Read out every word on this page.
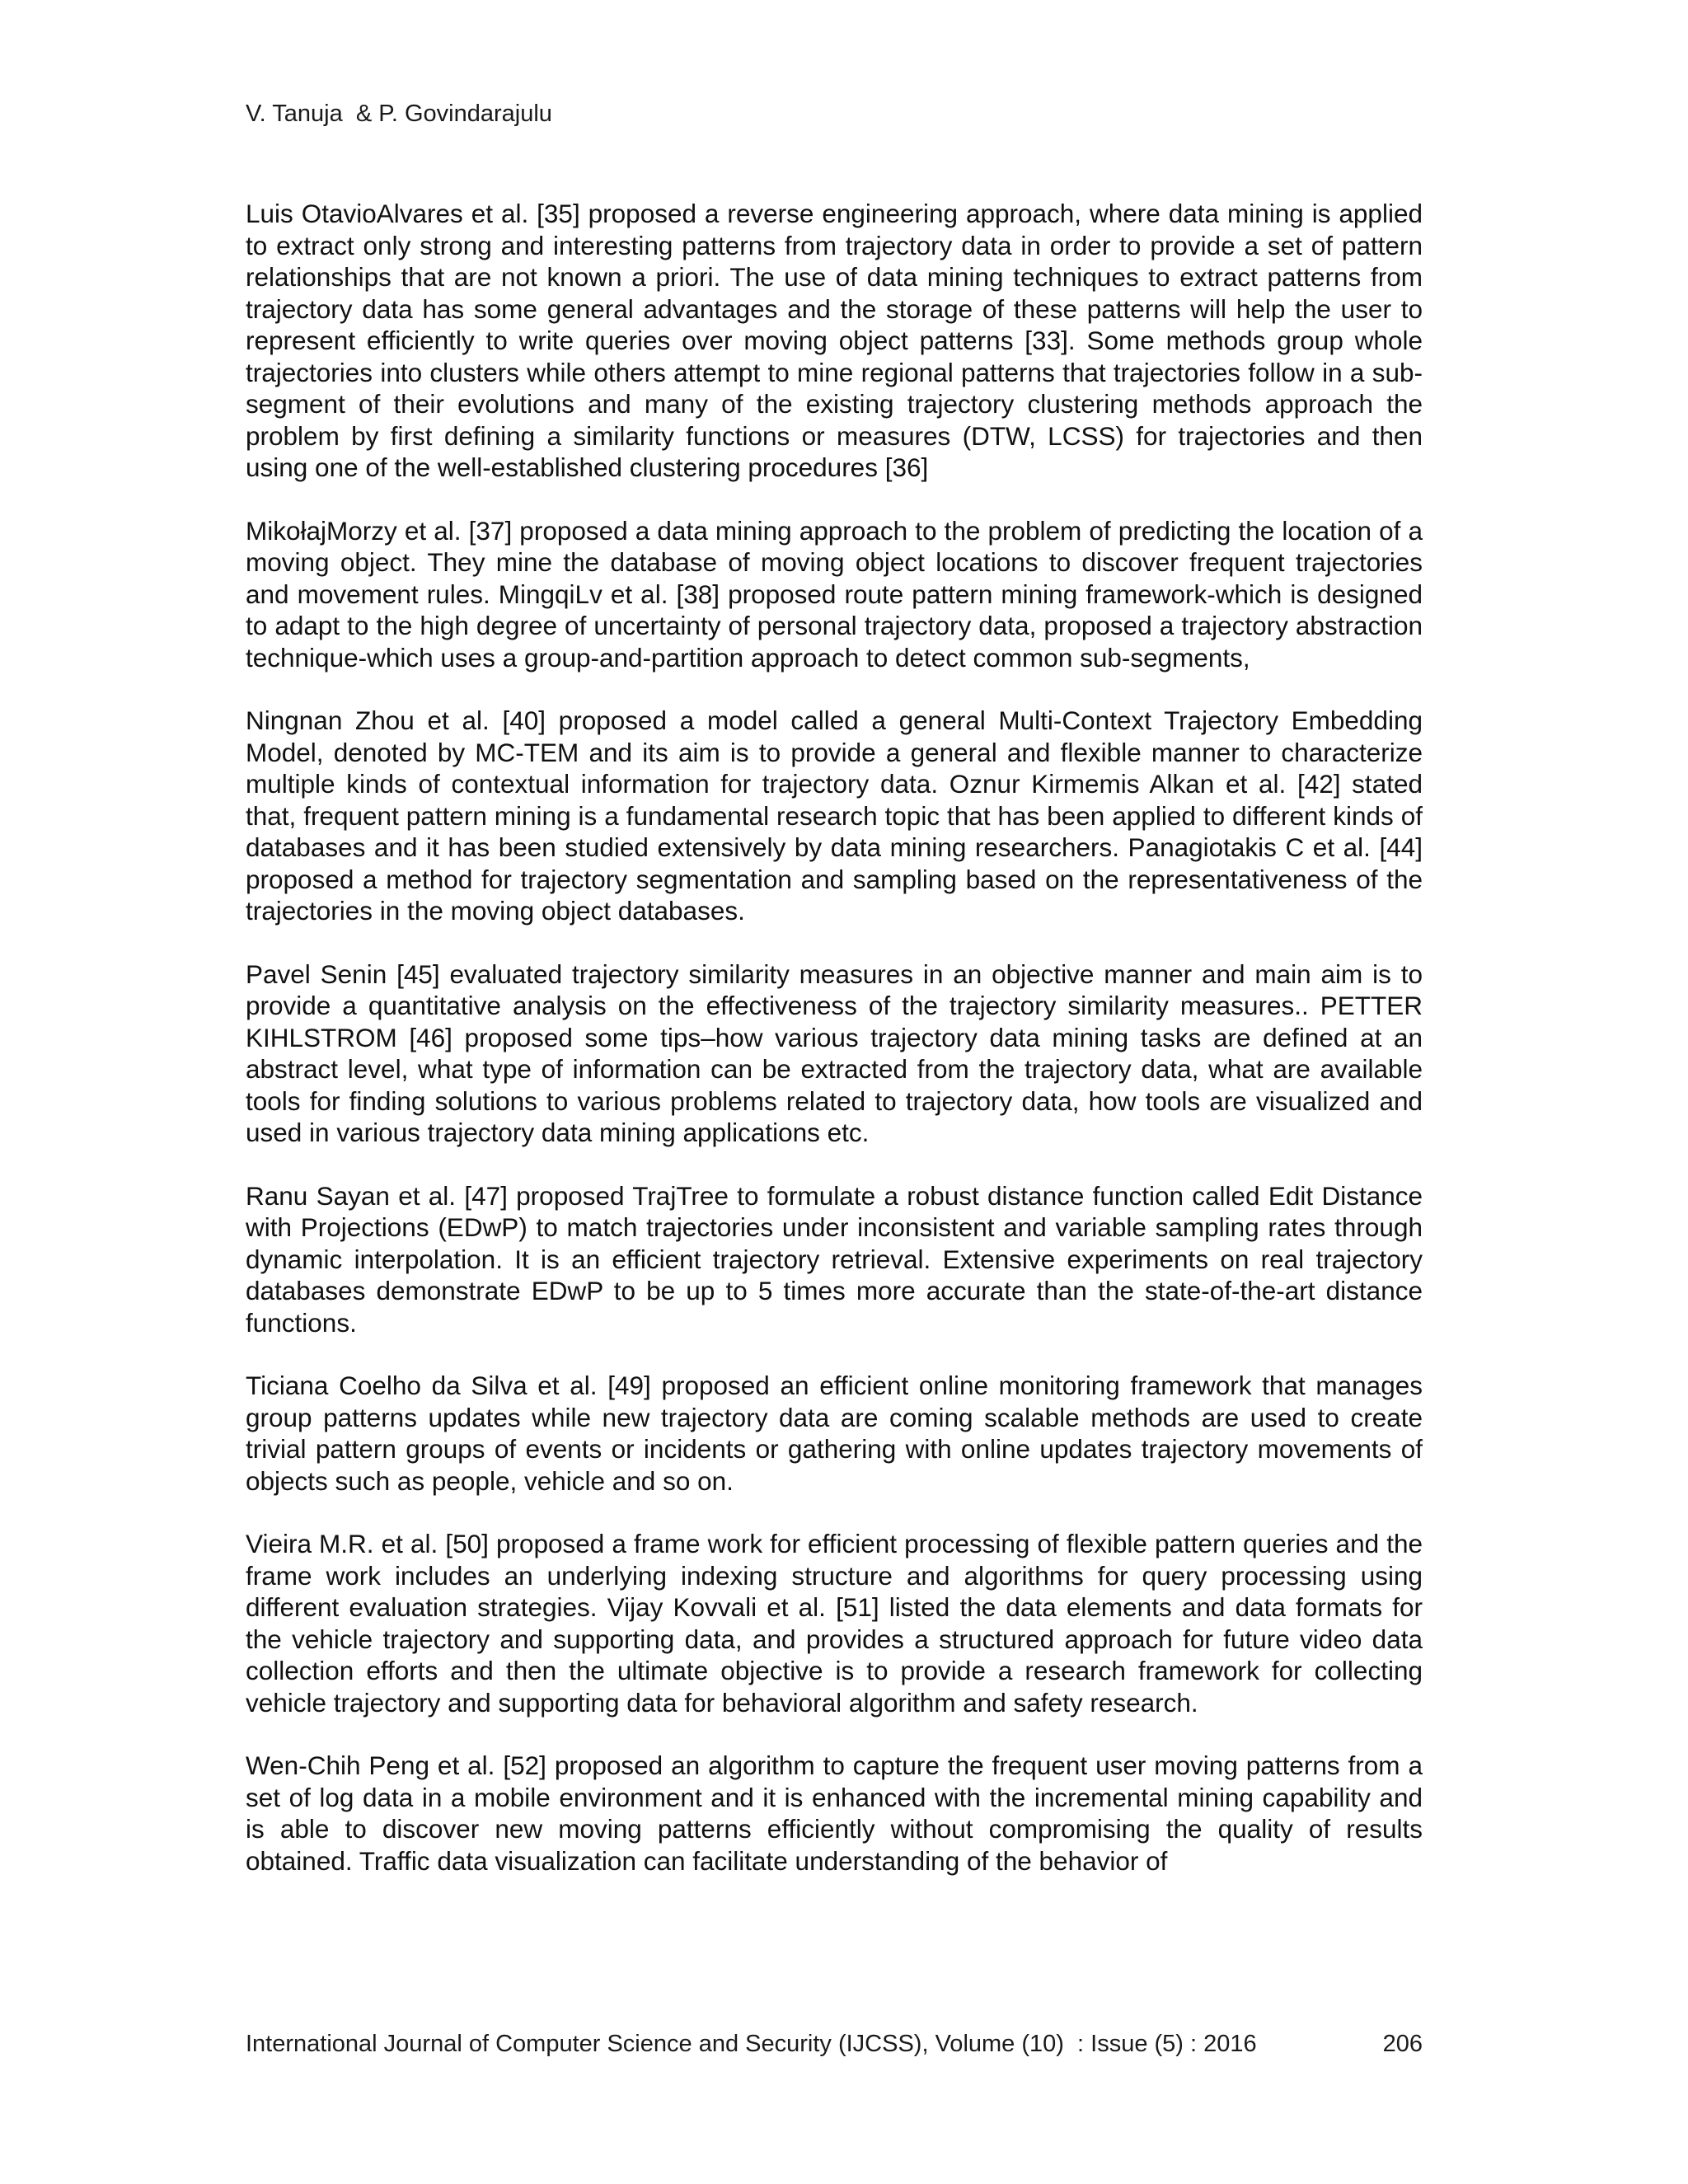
V. Tanuja  & P. Govindarajulu

Luis OtavioAlvares et al. [35] proposed a reverse engineering approach, where data mining is applied to extract only strong and interesting patterns from trajectory data in order to provide a set of pattern relationships that are not known a priori. The use of data mining techniques to extract patterns from trajectory data has some general advantages and the storage of these patterns will help the user to represent efficiently to write queries over moving object patterns [33]. Some methods group whole trajectories into clusters while others attempt to mine regional patterns that trajectories follow in a sub-segment of their evolutions and many of the existing trajectory clustering methods approach the problem by first defining a similarity functions or measures (DTW, LCSS) for trajectories and then using one of the well-established clustering procedures [36]

MikołajMorzy et al. [37] proposed a data mining approach to the problem of predicting the location of a moving object. They mine the database of moving object locations to discover frequent trajectories and movement rules. MingqiLv et al. [38] proposed route pattern mining framework-which is designed to adapt to the high degree of uncertainty of personal trajectory data, proposed a trajectory abstraction technique-which uses a group-and-partition approach to detect common sub-segments,

Ningnan Zhou et al. [40] proposed a model called a general Multi-Context Trajectory Embedding Model, denoted by MC-TEM and its aim is to provide a general and flexible manner to characterize multiple kinds of contextual information for trajectory data. Oznur Kirmemis Alkan et al. [42] stated that, frequent pattern mining is a fundamental research topic that has been applied to different kinds of databases and it has been studied extensively by data mining researchers. Panagiotakis C et al. [44] proposed a method for trajectory segmentation and sampling based on the representativeness of the trajectories in the moving object databases.

Pavel Senin [45] evaluated trajectory similarity measures in an objective manner and main aim is to provide a quantitative analysis on the effectiveness of the trajectory similarity measures.. PETTER KIHLSTROM [46] proposed some tips–how various trajectory data mining tasks are defined at an abstract level, what type of information can be extracted from the trajectory data, what are available tools for finding solutions to various problems related to trajectory data, how tools are visualized and used in various trajectory data mining applications etc.

Ranu Sayan et al. [47] proposed TrajTree to formulate a robust distance function called Edit Distance with Projections (EDwP) to match trajectories under inconsistent and variable sampling rates through dynamic interpolation. It is an efficient trajectory retrieval. Extensive experiments on real trajectory databases demonstrate EDwP to be up to 5 times more accurate than the state-of-the-art distance functions.

Ticiana Coelho da Silva et al. [49] proposed an efficient online monitoring framework that manages group patterns updates while new trajectory data are coming scalable methods are used to create trivial pattern groups of events or incidents or gathering with online updates trajectory movements of objects such as people, vehicle and so on.

Vieira M.R. et al. [50] proposed a frame work for efficient processing of flexible pattern queries and the frame work includes an underlying indexing structure and algorithms for query processing using different evaluation strategies. Vijay Kovvali et al. [51] listed the data elements and data formats for the vehicle trajectory and supporting data, and provides a structured approach for future video data collection efforts and then the ultimate objective is to provide a research framework for collecting vehicle trajectory and supporting data for behavioral algorithm and safety research.

Wen-Chih Peng et al. [52] proposed an algorithm to capture the frequent user moving patterns from a set of log data in a mobile environment and it is enhanced with the incremental mining capability and is able to discover new moving patterns efficiently without compromising the quality of results obtained. Traffic data visualization can facilitate understanding of the behavior of

International Journal of Computer Science and Security (IJCSS), Volume (10)  : Issue (5) : 2016	206
